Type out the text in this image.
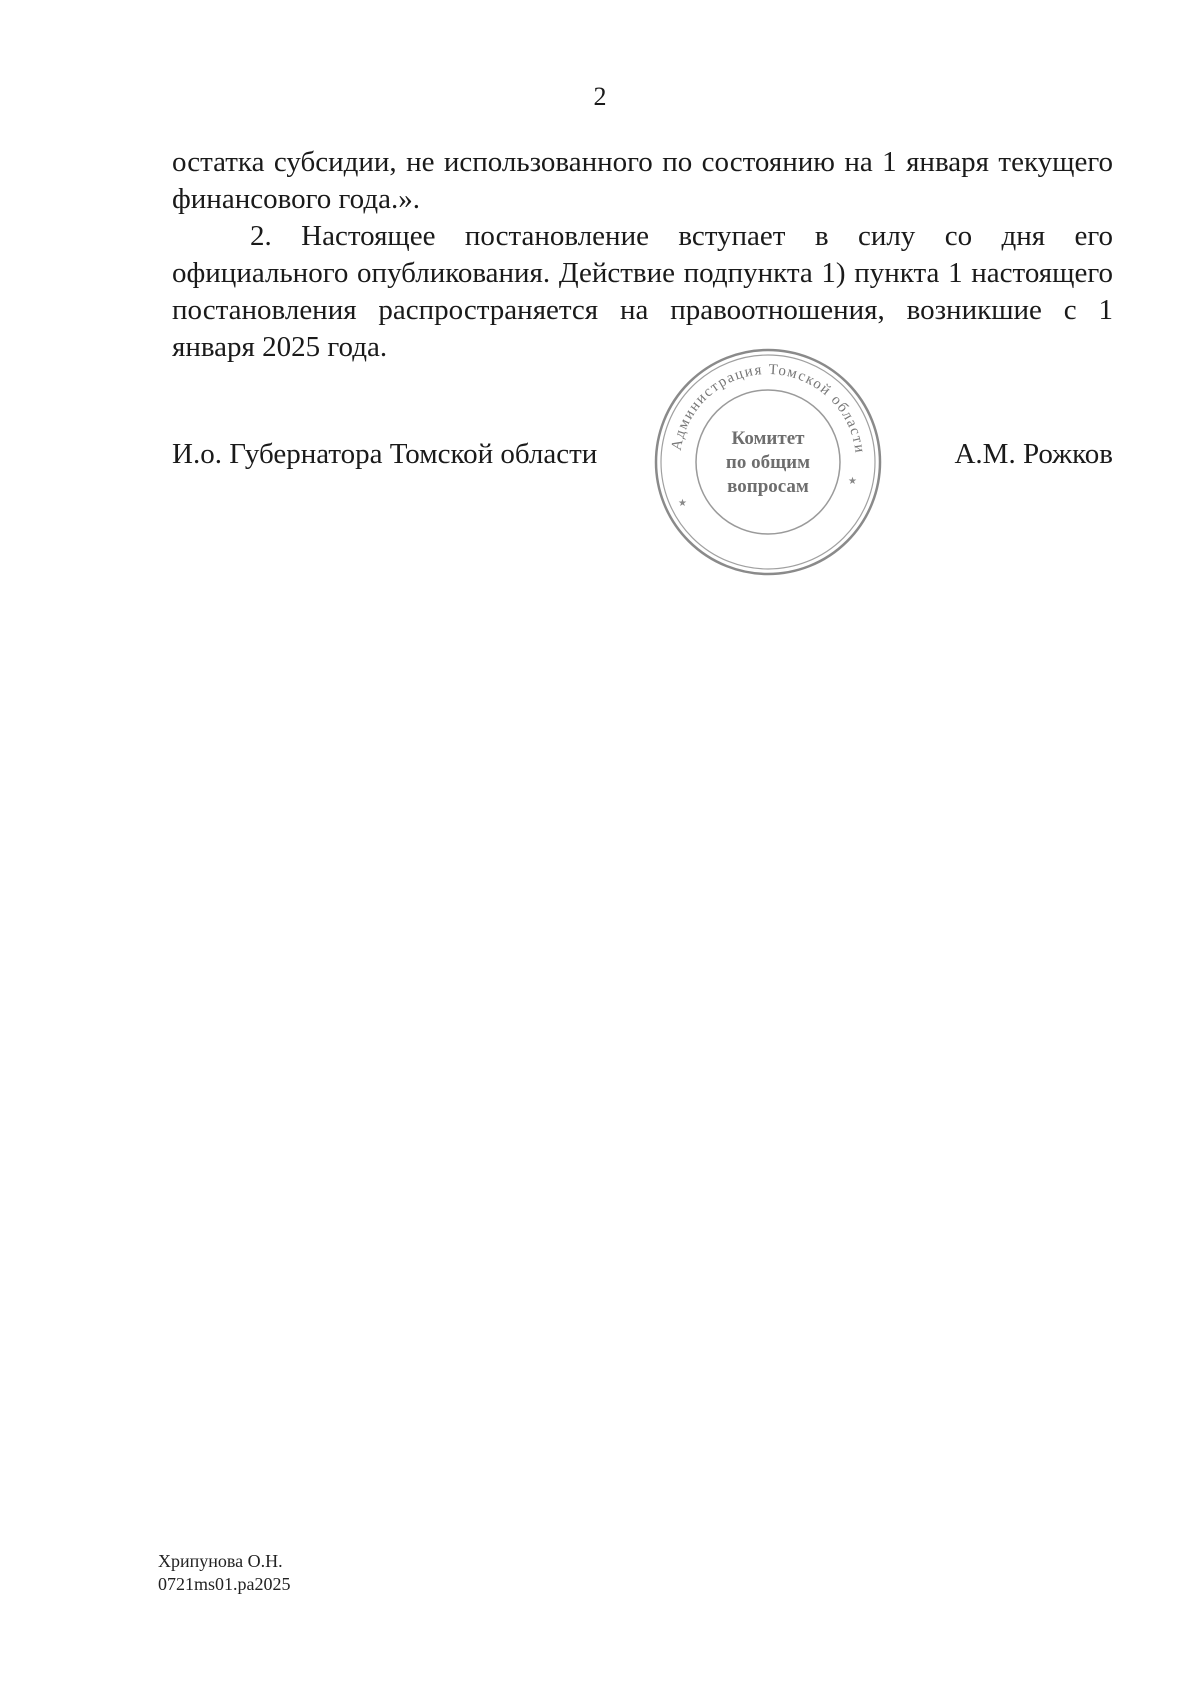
2

остатка субсидии, не использованного по состоянию на 1 января текущего финансового года.».

2. Настоящее постановление вступает в силу со дня его официального опубликования. Действие подпункта 1) пункта 1 настоящего постановления распространяется на правоотношения, возникшие с 1 января 2025 года.

И.о. Губернатора Томской области	А.М. Рожков
Администрация Томской области
★
★
Комитет
по общим
вопросам
Хрипунова О.Н.
0721ms01.pa2025
